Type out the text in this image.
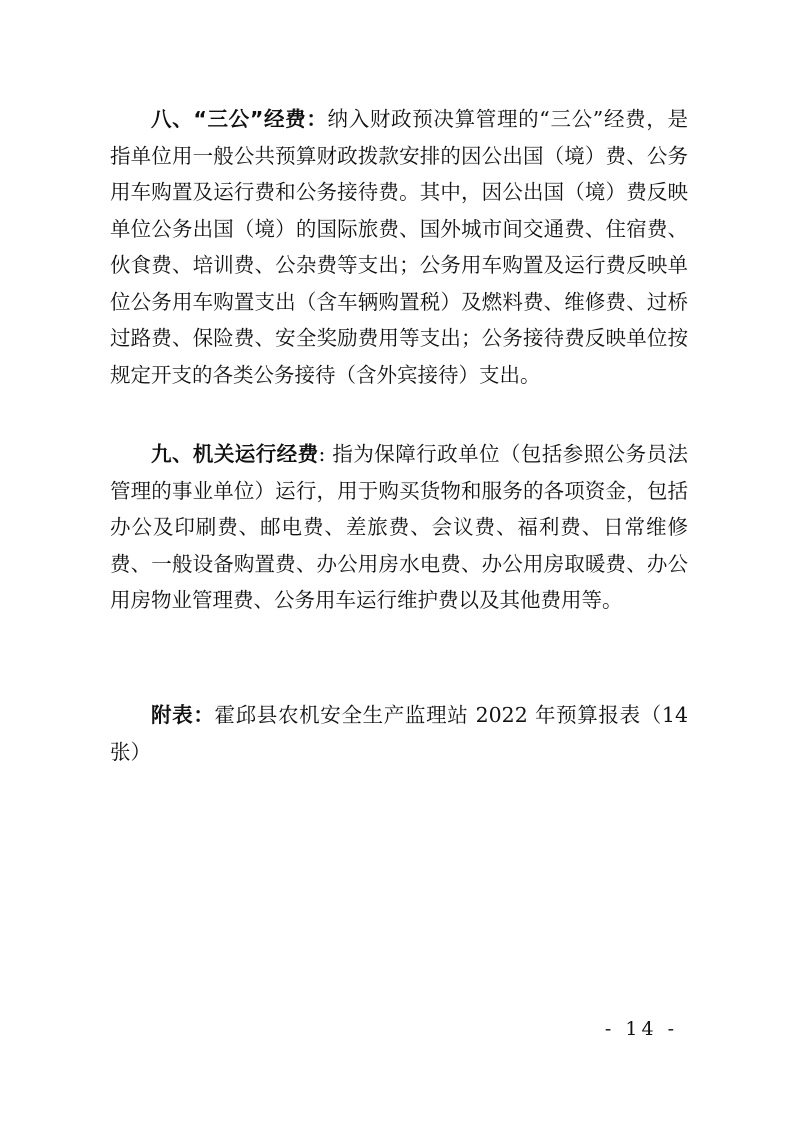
八、“三公”经费：纳入财政预决算管理的“三公”经费，是指单位用一般公共预算财政拨款安排的因公出国（境）费、公务用车购置及运行费和公务接待费。其中，因公出国（境）费反映单位公务出国（境）的国际旅费、国外城市间交通费、住宿费、伙食费、培训费、公杂费等支出；公务用车购置及运行费反映单位公务用车购置支出（含车辆购置税）及燃料费、维修费、过桥过路费、保险费、安全奖励费用等支出；公务接待费反映单位按规定开支的各类公务接待（含外宾接待）支出。

九、机关运行经费: 指为保障行政单位（包括参照公务员法管理的事业单位）运行，用于购买货物和服务的各项资金，包括办公及印刷费、邮电费、差旅费、会议费、福利费、日常维修费、一般设备购置费、办公用房水电费、办公用房取暖费、办公用房物业管理费、公务用车运行维护费以及其他费用等。

附表：霍邱县农机安全生产监理站 2022 年预算报表（14 张）

- 14 -
